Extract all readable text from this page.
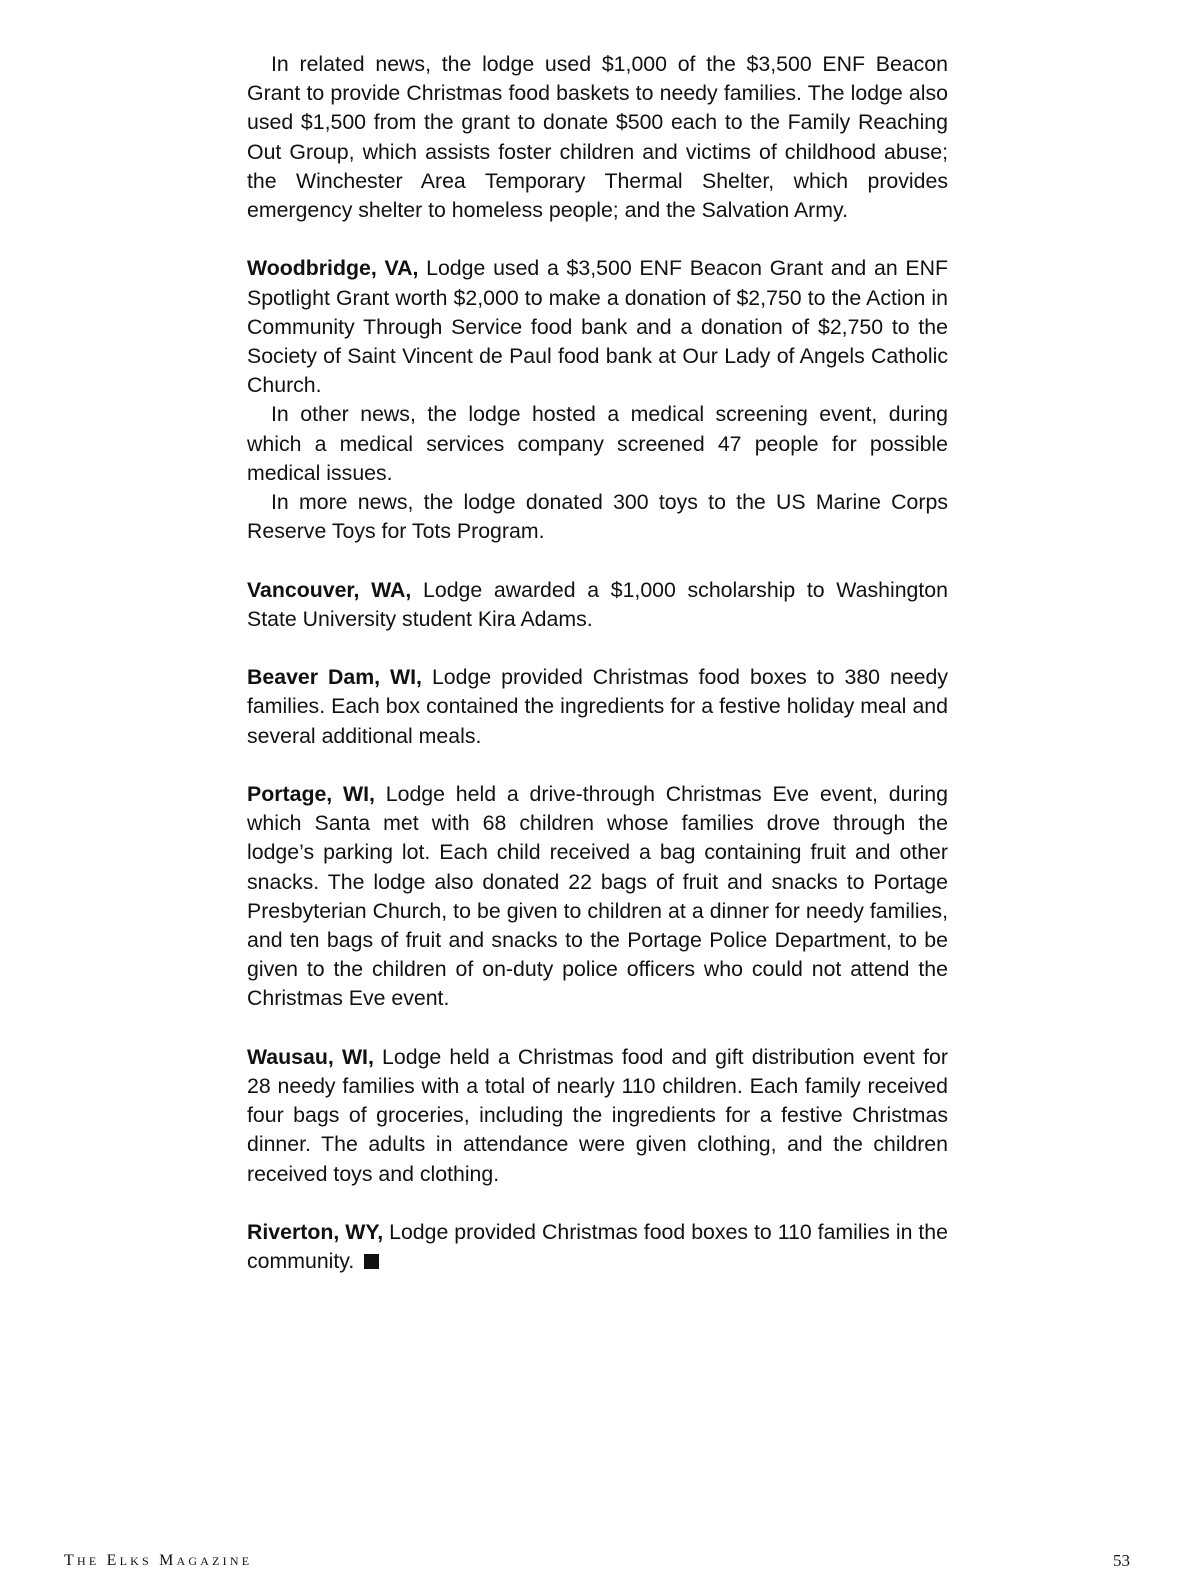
In related news, the lodge used $1,000 of the $3,500 ENF Beacon Grant to provide Christmas food baskets to needy families. The lodge also used $1,500 from the grant to donate $500 each to the Family Reaching Out Group, which assists foster children and victims of childhood abuse; the Winchester Area Temporary Thermal Shelter, which provides emergency shelter to homeless people; and the Salvation Army.

Woodbridge, VA, Lodge used a $3,500 ENF Beacon Grant and an ENF Spotlight Grant worth $2,000 to make a donation of $2,750 to the Action in Community Through Service food bank and a donation of $2,750 to the Society of Saint Vincent de Paul food bank at Our Lady of Angels Catholic Church.

In other news, the lodge hosted a medical screening event, during which a medical services company screened 47 people for possible medical issues.

In more news, the lodge donated 300 toys to the US Marine Corps Reserve Toys for Tots Program.

Vancouver, WA, Lodge awarded a $1,000 scholarship to Washington State University student Kira Adams.

Beaver Dam, WI, Lodge provided Christmas food boxes to 380 needy families. Each box contained the ingredients for a festive holiday meal and several additional meals.

Portage, WI, Lodge held a drive-through Christmas Eve event, during which Santa met with 68 children whose families drove through the lodge’s parking lot. Each child received a bag containing fruit and other snacks. The lodge also donated 22 bags of fruit and snacks to Portage Presbyterian Church, to be given to children at a dinner for needy families, and ten bags of fruit and snacks to the Portage Police Department, to be given to the children of on-duty police officers who could not attend the Christmas Eve event.

Wausau, WI, Lodge held a Christmas food and gift distribution event for 28 needy families with a total of nearly 110 children. Each family received four bags of groceries, including the ingredients for a festive Christmas dinner. The adults in attendance were given clothing, and the children received toys and clothing.

Riverton, WY, Lodge provided Christmas food boxes to 110 families in the community.

THE ELKS MAGAZINE	53
